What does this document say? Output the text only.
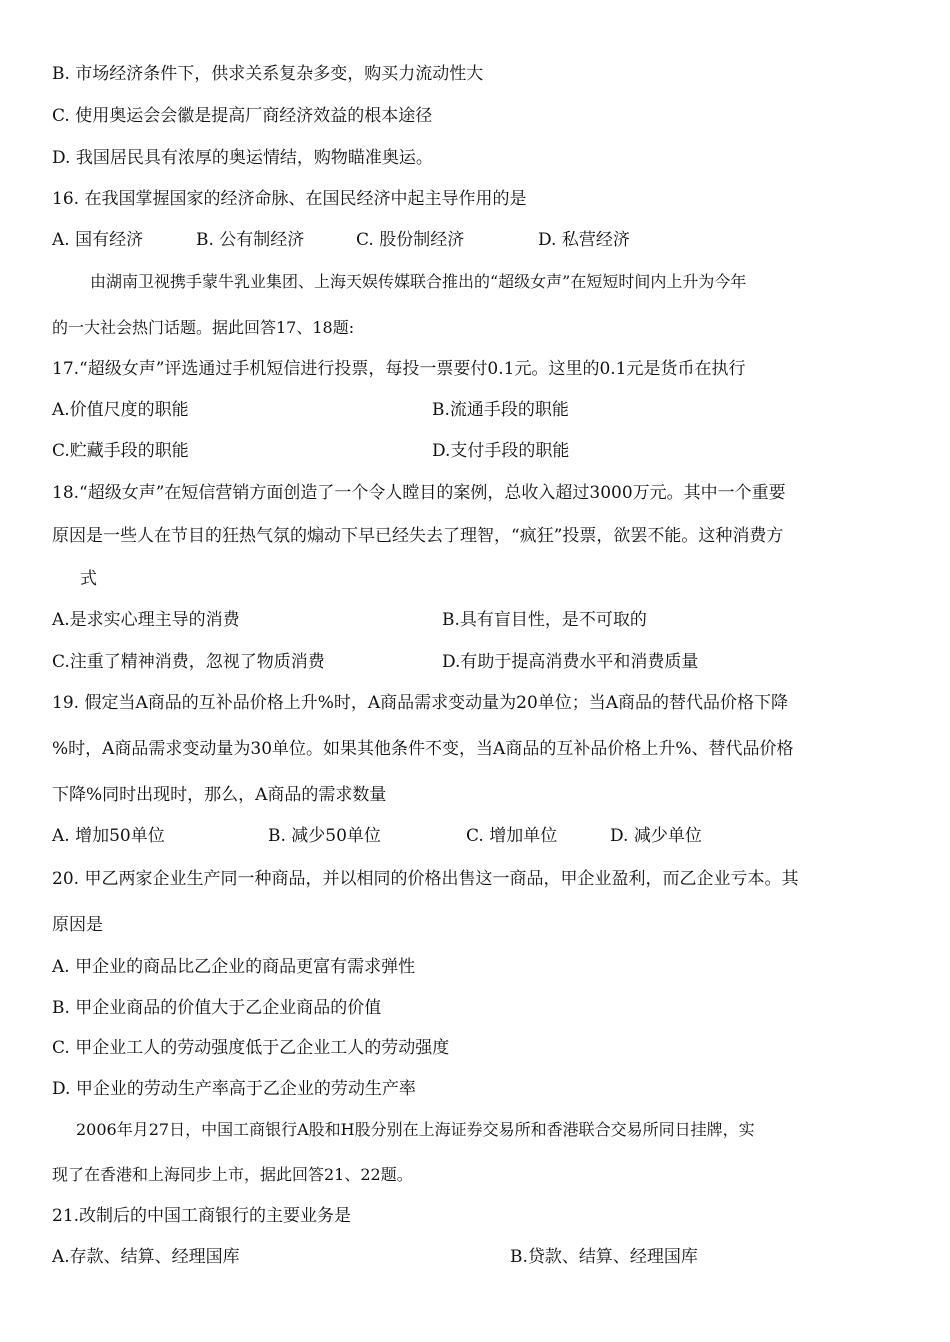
B. 市场经济条件下，供求关系复杂多变，购买力流动性大
C. 使用奥运会会徽是提高厂商经济效益的根本途径
D. 我国居民具有浓厚的奥运情结，购物瞄准奥运。
16. 在我国掌握国家的经济命脉、在国民经济中起主导作用的是
A. 国有经济	B. 公有制经济	C. 股份制经济	D. 私营经济
由湖南卫视携手蒙牛乳业集团、上海天娱传媒联合推出的“超级女声”在短短时间内上升为今年
的一大社会热门话题。据此回答17、18题:
17.“超级女声”评选通过手机短信进行投票，每投一票要付0.1元。这里的0.1元是货币在执行
A.价值尺度的职能	B.流通手段的职能
C.贮藏手段的职能	D.支付手段的职能
18.“超级女声”在短信营销方面创造了一个令人瞠目的案例，总收入超过3000万元。其中一个重要
原因是一些人在节目的狂热气氛的煽动下早已经失去了理智，“疯狂”投票，欲罢不能。这种消费方
式
A.是求实心理主导的消费	B.具有盲目性，是不可取的
C.注重了精神消费，忽视了物质消费	D.有助于提高消费水平和消费质量
19. 假定当A商品的互补品价格上升%时，A商品需求变动量为20单位；当A商品的替代品价格下降
%时，A商品需求变动量为30单位。如果其他条件不变，当A商品的互补品价格上升%、替代品价格
下降%同时出现时，那么，A商品的需求数量
A. 增加50单位	B. 减少50单位	C. 增加单位	D. 减少单位
20. 甲乙两家企业生产同一种商品，并以相同的价格出售这一商品，甲企业盈利，而乙企业亏本。其
原因是
A. 甲企业的商品比乙企业的商品更富有需求弹性
B. 甲企业商品的价值大于乙企业商品的价值
C. 甲企业工人的劳动强度低于乙企业工人的劳动强度
D. 甲企业的劳动生产率高于乙企业的劳动生产率
2006年月27日，中国工商银行A股和H股分别在上海证券交易所和香港联合交易所同日挂牌，实
现了在香港和上海同步上市，据此回答21、22题。
21.改制后的中国工商银行的主要业务是
A.存款、结算、经理国库	B.贷款、结算、经理国库
